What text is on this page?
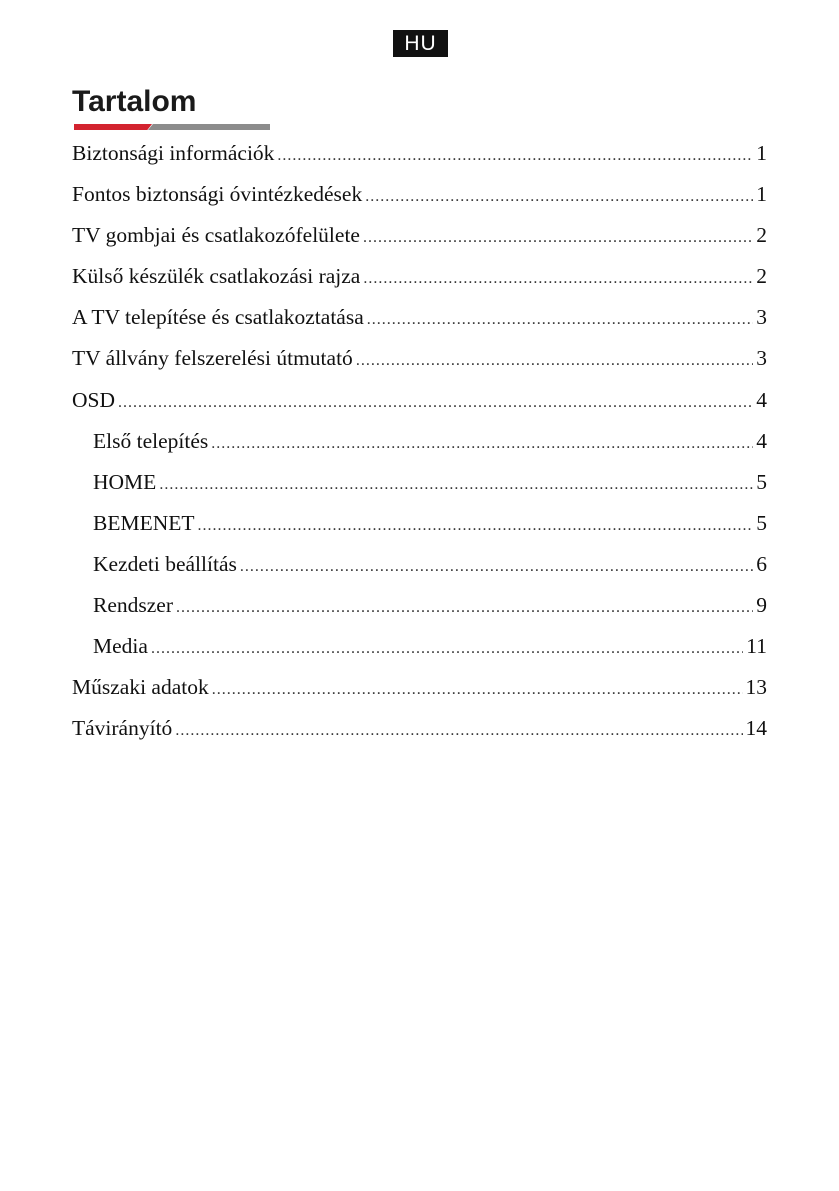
HU
Tartalom
Biztonsági információk .....	1
Fontos biztonsági óvintézkedések .....	1
TV gombjai és csatlakozófelülete .....	2
Külső készülék csatlakozási rajza .....	2
A TV telepítése és csatlakoztatása .....	3
TV állvány felszerelési útmutató .....	3
OSD .....	4
Első telepítés .....	4
HOME .....	5
BEMENET .....	5
Kezdeti beállítás .....	6
Rendszer .....	9
Media .....	11
Műszaki adatok .....	13
Távirányító .....	14
